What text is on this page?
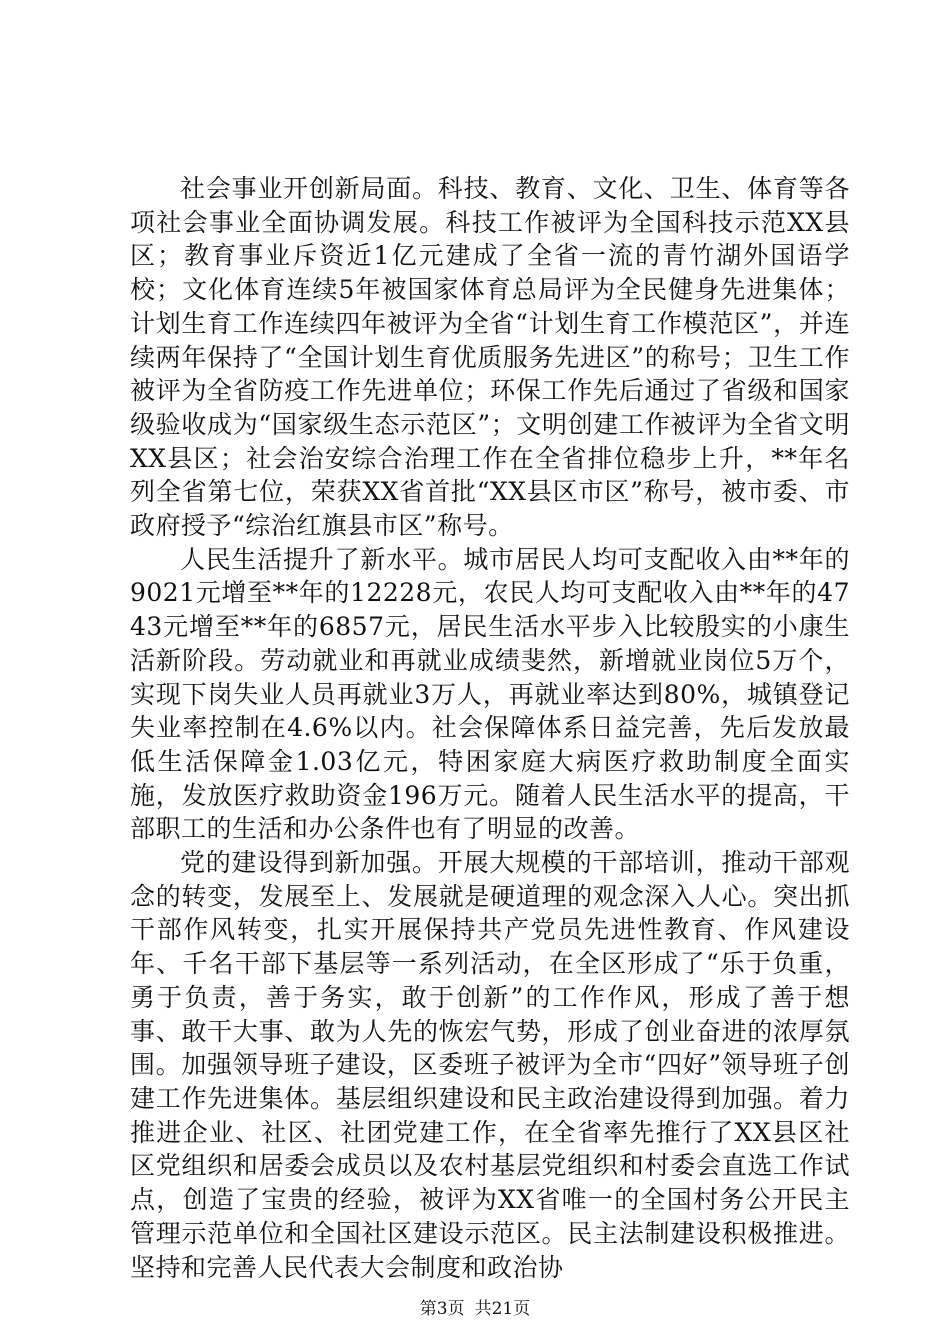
社会事业开创新局面。科技、教育、文化、卫生、体育等各项社会事业全面协调发展。科技工作被评为全国科技示范XX县区；教育事业斥资近1亿元建成了全省一流的青竹湖外国语学校；文化体育连续5年被国家体育总局评为全民健身先进集体；计划生育工作连续四年被评为全省“计划生育工作模范区”，并连续两年保持了“全国计划生育优质服务先进区”的称号；卫生工作被评为全省防疫工作先进单位；环保工作先后通过了省级和国家级验收成为“国家级生态示范区”；文明创建工作被评为全省文明XX县区；社会治安综合治理工作在全省排位稳步上升，**年名列全省第七位，荣获XX省首批“XX县区市区”称号，被市委、市政府授予“综治红旗县市区”称号。

人民生活提升了新水平。城市居民人均可支配收入由**年的9021元增至**年的12228元，农民人均可支配收入由**年的4743元增至**年的6857元，居民生活水平步入比较殷实的小康生活新阶段。劳动就业和再就业成绩斐然，新增就业岗位5万个，实现下岗失业人员再就业3万人，再就业率达到80%，城镇登记失业率控制在4.6%以内。社会保障体系日益完善，先后发放最低生活保障金1.03亿元，特困家庭大病医疗救助制度全面实施，发放医疗救助资金196万元。随着人民生活水平的提高，干部职工的生活和办公条件也有了明显的改善。

党的建设得到新加强。开展大规模的干部培训，推动干部观念的转变，发展至上、发展就是硬道理的观念深入人心。突出抓干部作风转变，扎实开展保持共产党员先进性教育、作风建设年、千名干部下基层等一系列活动，在全区形成了“乐于负重，勇于负责，善于务实，敢于创新”的工作作风，形成了善于想事、敢干大事、敢为人先的恢宏气势，形成了创业奋进的浓厚氛围。加强领导班子建设，区委班子被评为全市“四好”领导班子创建工作先进集体。基层组织建设和民主政治建设得到加强。着力推进企业、社区、社团党建工作，在全省率先推行了XX县区社区党组织和居委会成员以及农村基层党组织和村委会直选工作试点，创造了宝贵的经验，被评为XX省唯一的全国村务公开民主管理示范单位和全国社区建设示范区。民主法制建设积极推进。坚持和完善人民代表大会制度和政治协

第3页 共21页
